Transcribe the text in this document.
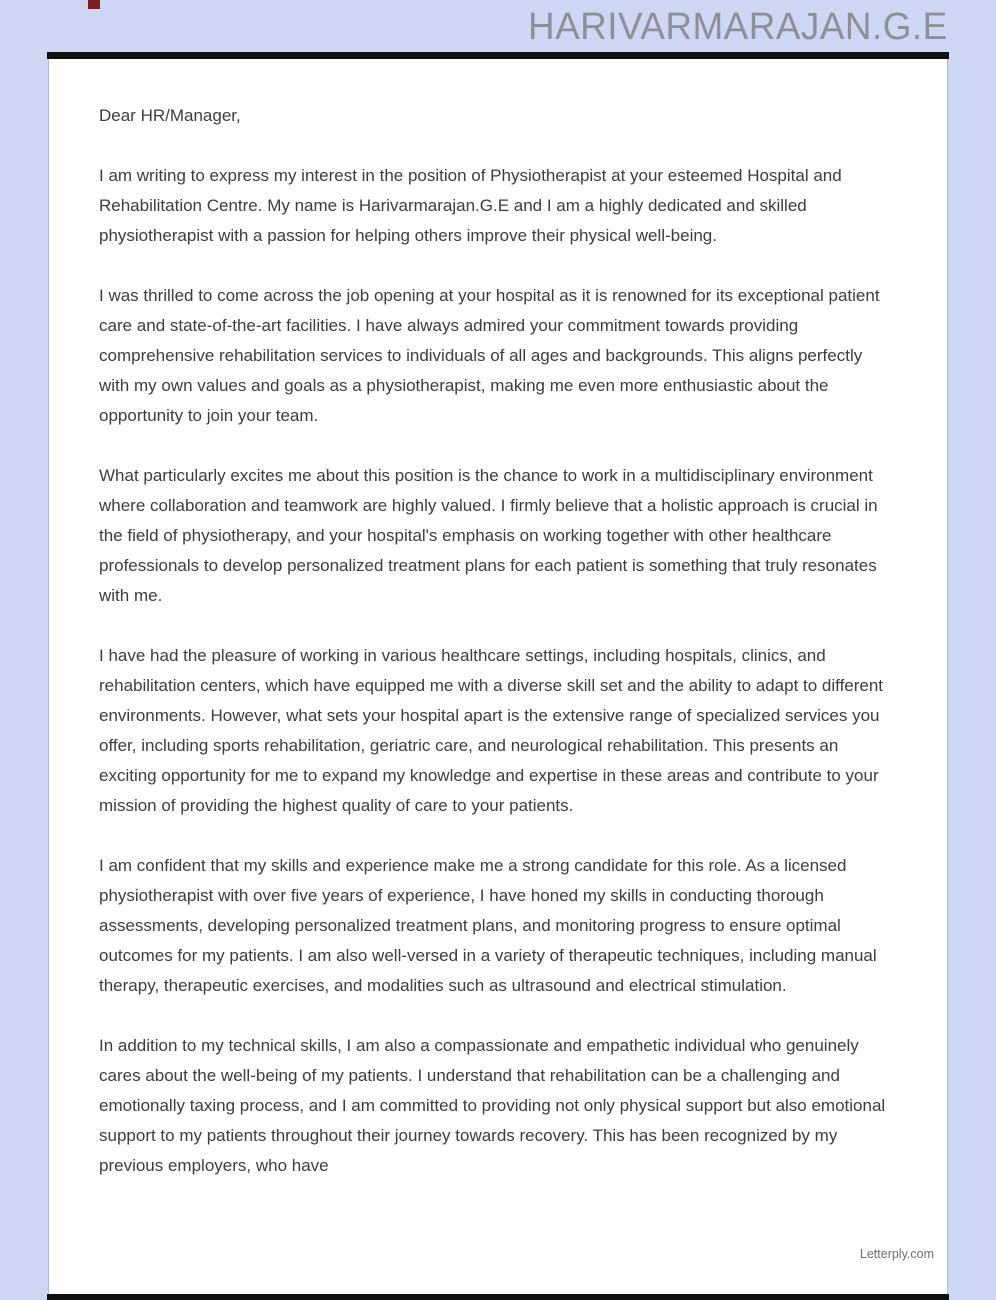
HARIVARMARAJAN.G.E

Dear HR/Manager,

I am writing to express my interest in the position of Physiotherapist at your esteemed Hospital and Rehabilitation Centre. My name is Harivarmarajan.G.E and I am a highly dedicated and skilled physiotherapist with a passion for helping others improve their physical well-being.

I was thrilled to come across the job opening at your hospital as it is renowned for its exceptional patient care and state-of-the-art facilities. I have always admired your commitment towards providing comprehensive rehabilitation services to individuals of all ages and backgrounds. This aligns perfectly with my own values and goals as a physiotherapist, making me even more enthusiastic about the opportunity to join your team.

What particularly excites me about this position is the chance to work in a multidisciplinary environment where collaboration and teamwork are highly valued. I firmly believe that a holistic approach is crucial in the field of physiotherapy, and your hospital's emphasis on working together with other healthcare professionals to develop personalized treatment plans for each patient is something that truly resonates with me.

I have had the pleasure of working in various healthcare settings, including hospitals, clinics, and rehabilitation centers, which have equipped me with a diverse skill set and the ability to adapt to different environments. However, what sets your hospital apart is the extensive range of specialized services you offer, including sports rehabilitation, geriatric care, and neurological rehabilitation. This presents an exciting opportunity for me to expand my knowledge and expertise in these areas and contribute to your mission of providing the highest quality of care to your patients.

I am confident that my skills and experience make me a strong candidate for this role. As a licensed physiotherapist with over five years of experience, I have honed my skills in conducting thorough assessments, developing personalized treatment plans, and monitoring progress to ensure optimal outcomes for my patients. I am also well-versed in a variety of therapeutic techniques, including manual therapy, therapeutic exercises, and modalities such as ultrasound and electrical stimulation.

In addition to my technical skills, I am also a compassionate and empathetic individual who genuinely cares about the well-being of my patients. I understand that rehabilitation can be a challenging and emotionally taxing process, and I am committed to providing not only physical support but also emotional support to my patients throughout their journey towards recovery. This has been recognized by my previous employers, who have

Letterply.com
